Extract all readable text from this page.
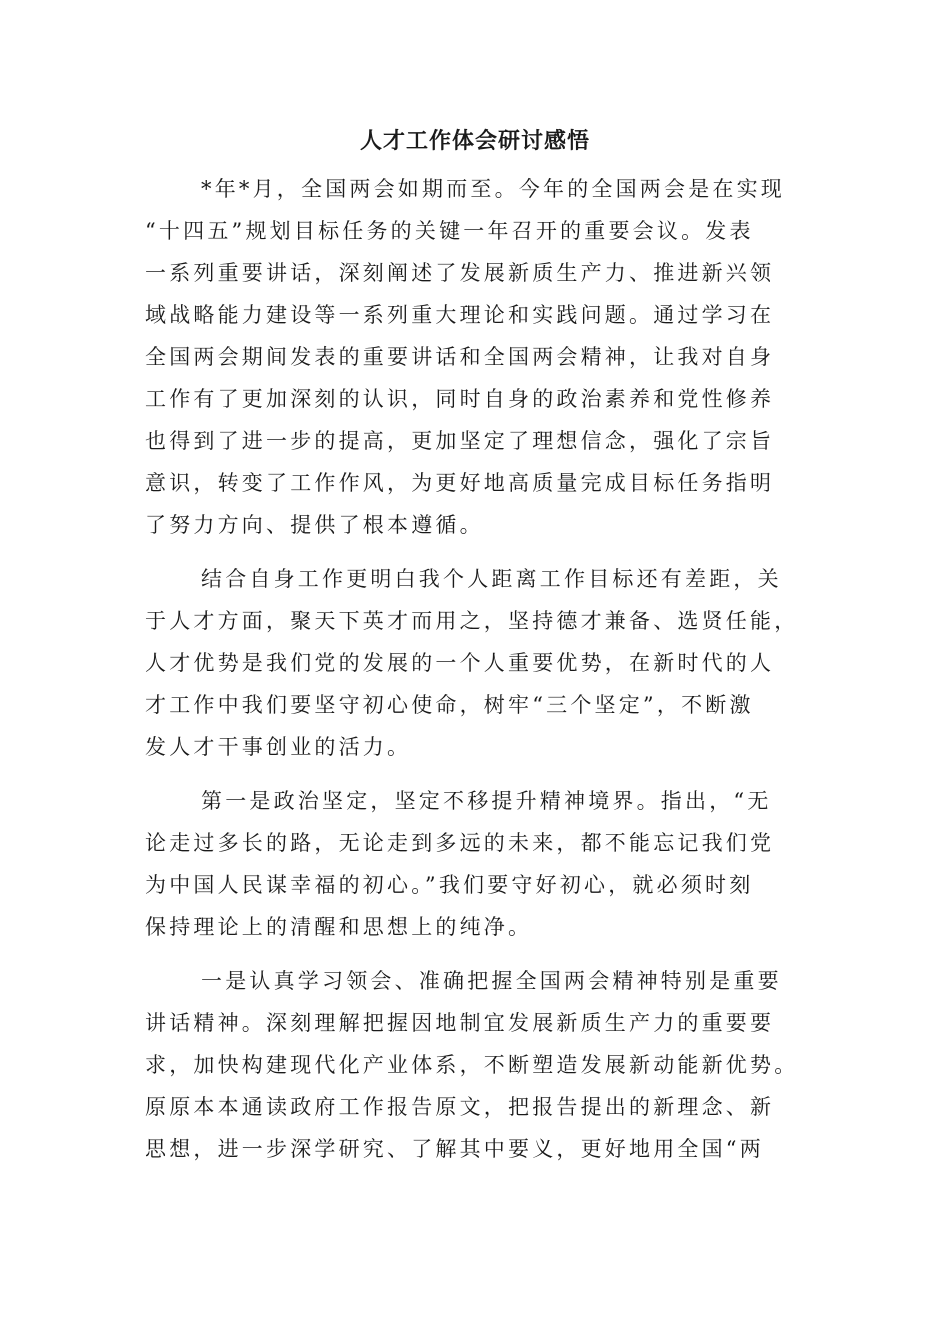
人才工作体会研讨感悟

*年*月，全国两会如期而至。今年的全国两会是在实现
“十四五”规划目标任务的关键一年召开的重要会议。发表
一系列重要讲话，深刻阐述了发展新质生产力、推进新兴领
域战略能力建设等一系列重大理论和实践问题。通过学习在
全国两会期间发表的重要讲话和全国两会精神，让我对自身
工作有了更加深刻的认识，同时自身的政治素养和党性修养
也得到了进一步的提高，更加坚定了理想信念，强化了宗旨
意识，转变了工作作风，为更好地高质量完成目标任务指明
了努力方向、提供了根本遵循。

结合自身工作更明白我个人距离工作目标还有差距，关
于人才方面，聚天下英才而用之，坚持德才兼备、选贤任能，
人才优势是我们党的发展的一个人重要优势，在新时代的人
才工作中我们要坚守初心使命，树牢“三个坚定”，不断激
发人才干事创业的活力。

第一是政治坚定，坚定不移提升精神境界。指出，“无
论走过多长的路，无论走到多远的未来，都不能忘记我们党
为中国人民谋幸福的初心。”我们要守好初心，就必须时刻
保持理论上的清醒和思想上的纯净。

一是认真学习领会、准确把握全国两会精神特别是重要
讲话精神。深刻理解把握因地制宜发展新质生产力的重要要
求，加快构建现代化产业体系，不断塑造发展新动能新优势。
原原本本通读政府工作报告原文，把报告提出的新理念、新
思想，进一步深学研究、了解其中要义，更好地用全国“两
